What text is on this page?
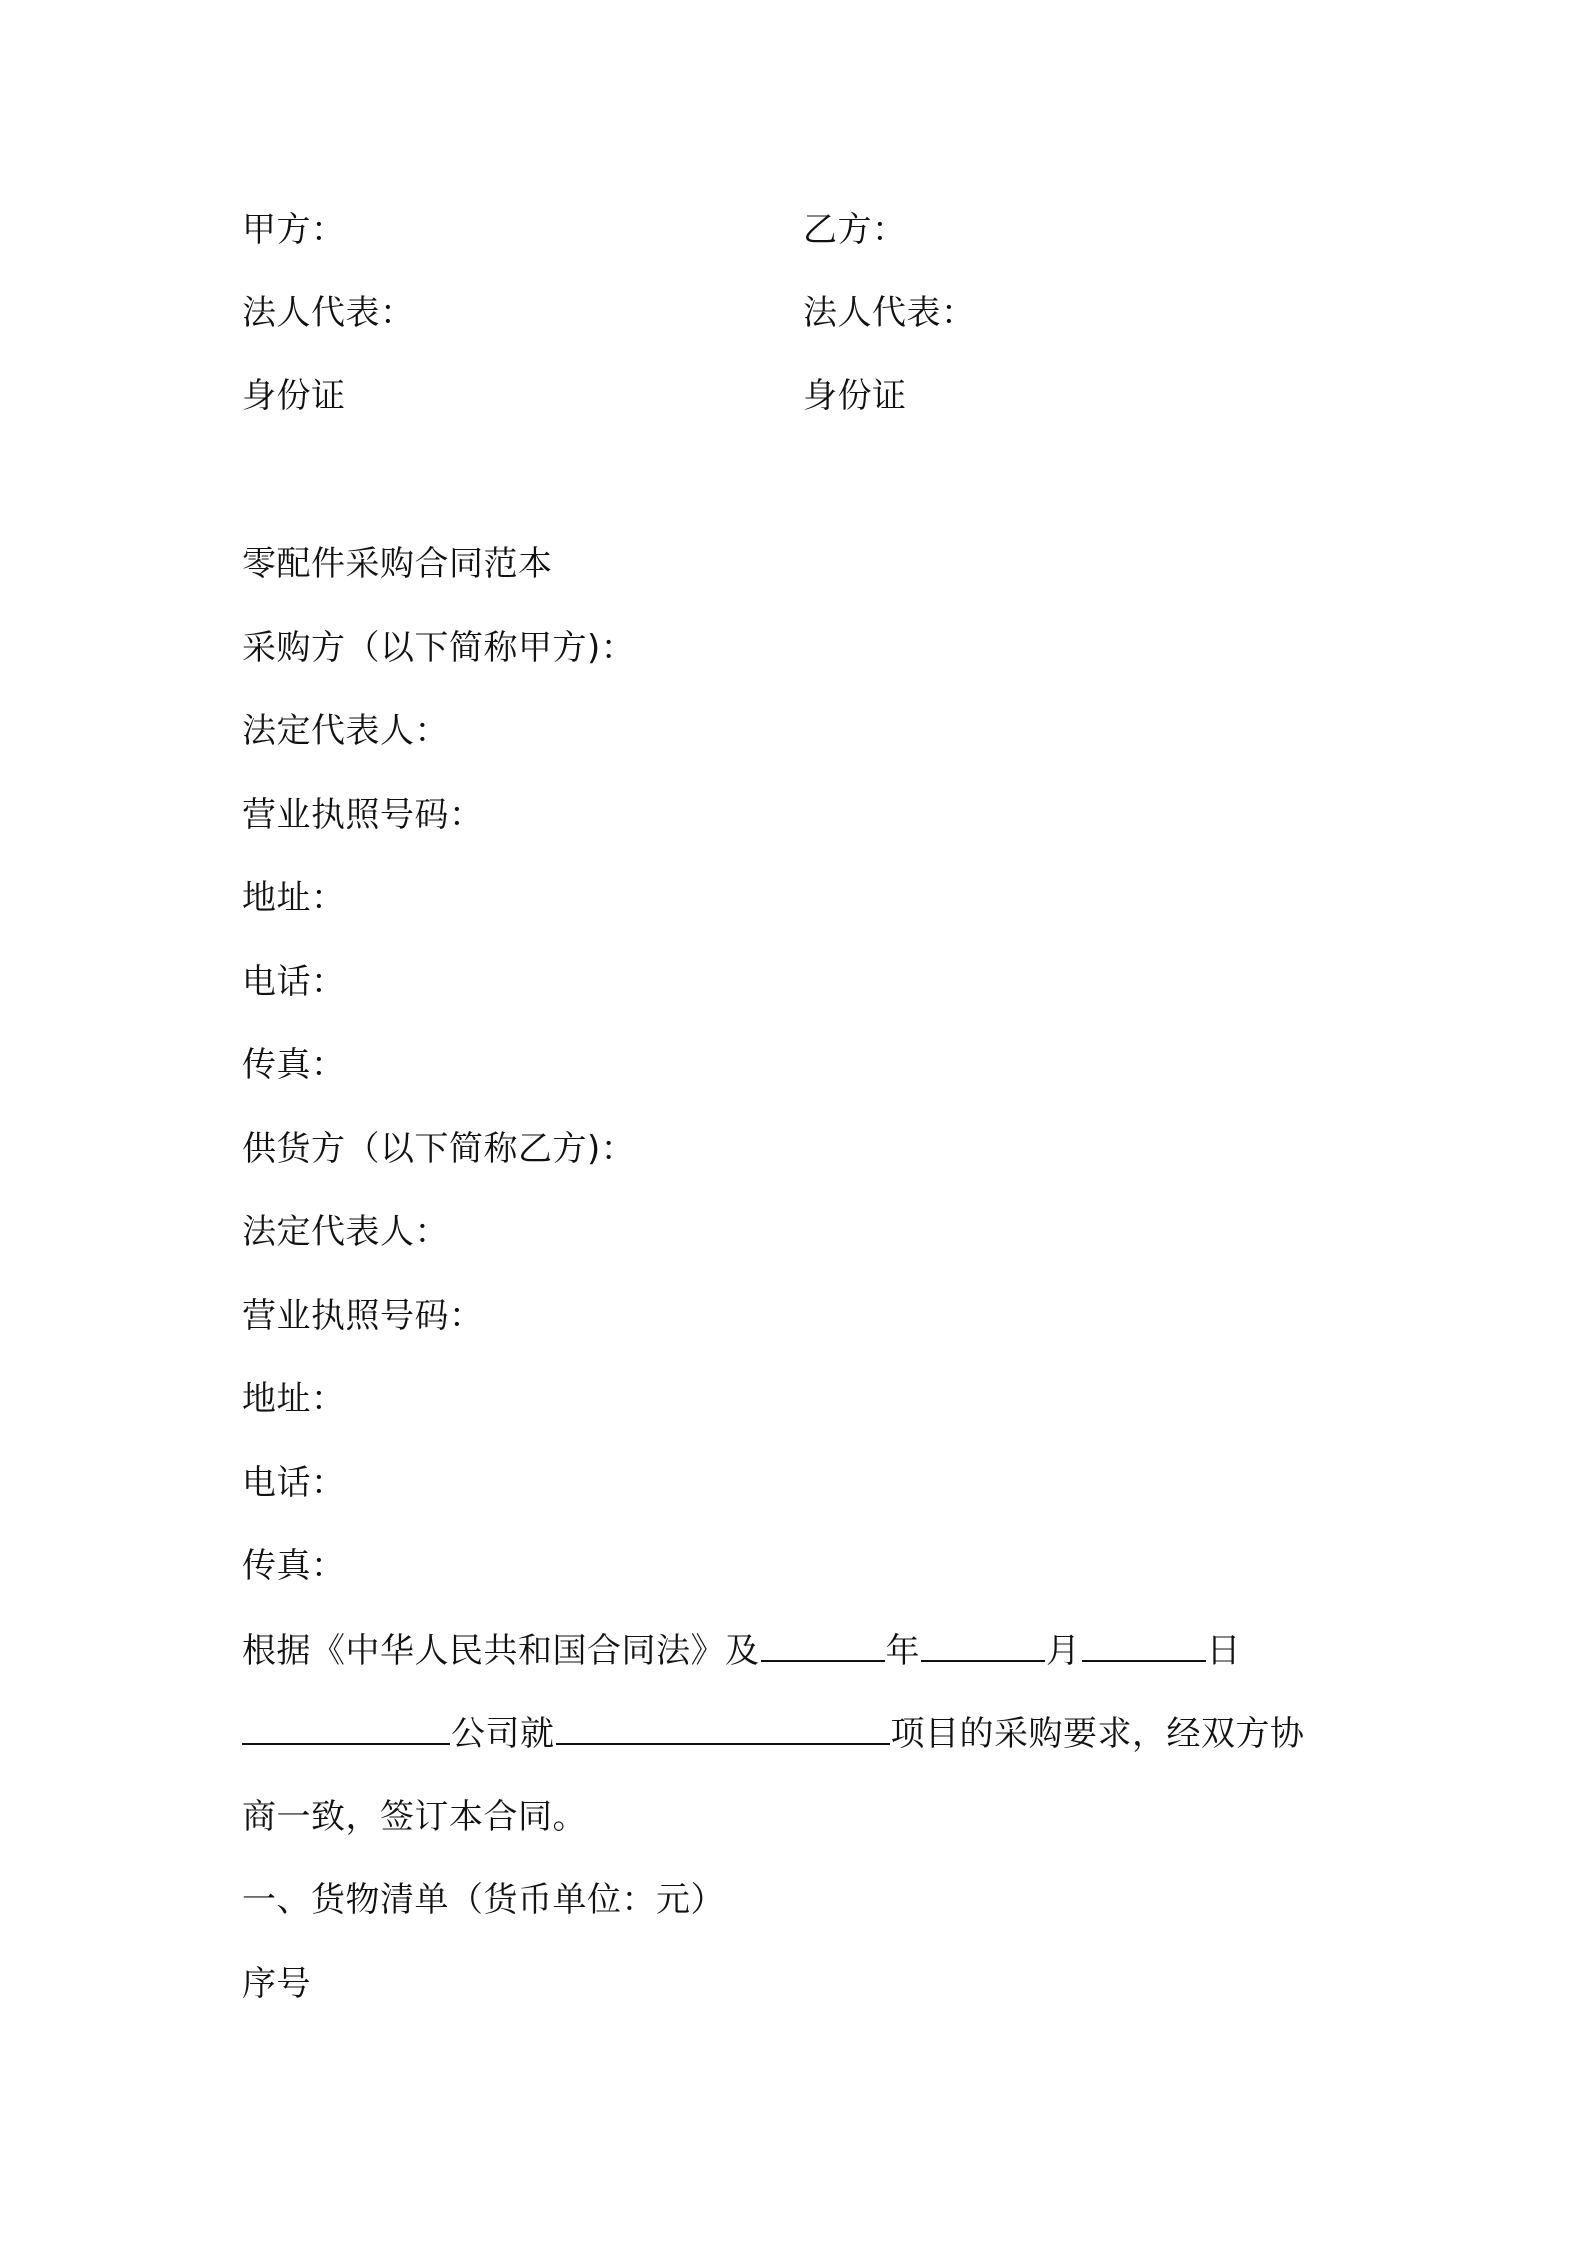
甲方：	乙方：
法人代表：	法人代表：
身份证	身份证
零配件采购合同范本
采购方（以下简称甲方)：
法定代表人：
营业执照号码：
地址：
电话：
传真：
供货方（以下简称乙方)：
法定代表人：
营业执照号码：
地址：
电话：
传真：
根据《中华人民共和国合同法》及	年	月	日
公司就	项目的采购要求，经双方协
商一致，签订本合同。
一、货物清单（货币单位：元）
序号
